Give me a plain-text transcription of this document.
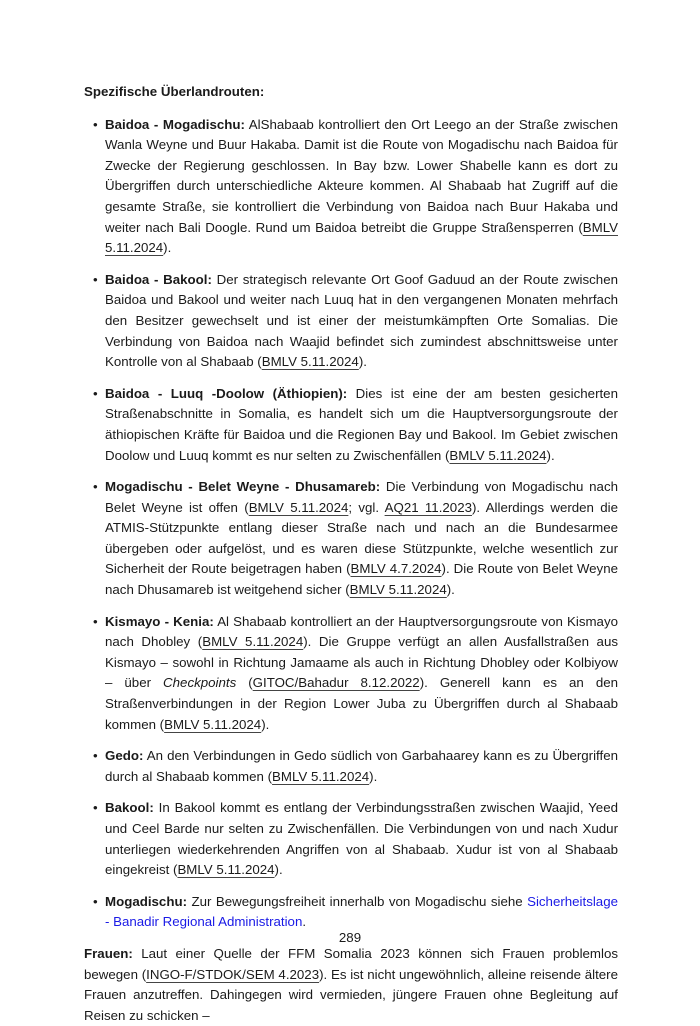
Spezifische Überlandrouten:

• Baidoa - Mogadischu: AlShabaab kontrolliert den Ort Leego an der Straße zwischen Wanla Weyne und Buur Hakaba. Damit ist die Route von Mogadischu nach Baidoa für Zwecke der Regierung geschlossen. In Bay bzw. Lower Shabelle kann es dort zu Übergriffen durch unterschiedliche Akteure kommen. Al Shabaab hat Zugriff auf die gesamte Straße, sie kontrolliert die Verbindung von Baidoa nach Buur Hakaba und weiter nach Bali Doogle. Rund um Baidoa betreibt die Gruppe Straßensperren (BMLV 5.11.2024).
• Baidoa - Bakool: Der strategisch relevante Ort Goof Gaduud an der Route zwischen Baidoa und Bakool und weiter nach Luuq hat in den vergangenen Monaten mehrfach den Besitzer gewechselt und ist einer der meistumkämpften Orte Somalias. Die Verbindung von Baidoa nach Waajid befindet sich zumindest abschnittsweise unter Kontrolle von al Shabaab (BMLV 5.11.2024).
• Baidoa - Luuq -Doolow (Äthiopien): Dies ist eine der am besten gesicherten Straßenabschnitte in Somalia, es handelt sich um die Hauptversorgungsroute der äthiopischen Kräfte für Baidoa und die Regionen Bay und Bakool. Im Gebiet zwischen Doolow und Luuq kommt es nur selten zu Zwischenfällen (BMLV 5.11.2024).
• Mogadischu - Belet Weyne - Dhusamareb: Die Verbindung von Mogadischu nach Belet Weyne ist offen (BMLV 5.11.2024; vgl. AQ21 11.2023). Allerdings werden die ATMIS-Stützpunkte entlang dieser Straße nach und nach an die Bundesarmee übergeben oder aufgelöst, und es waren diese Stützpunkte, welche wesentlich zur Sicherheit der Route beigetragen haben (BMLV 4.7.2024). Die Route von Belet Weyne nach Dhusamareb ist weitgehend sicher (BMLV 5.11.2024).
• Kismayo - Kenia: Al Shabaab kontrolliert an der Hauptversorgungsroute von Kismayo nach Dhobley (BMLV 5.11.2024). Die Gruppe verfügt an allen Ausfallstraßen aus Kismayo – sowohl in Richtung Jamaame als auch in Richtung Dhobley oder Kolbiyow – über Checkpoints (GITOC/Bahadur 8.12.2022). Generell kann es an den Straßenverbindungen in der Region Lower Juba zu Übergriffen durch al Shabaab kommen (BMLV 5.11.2024).
• Gedo: An den Verbindungen in Gedo südlich von Garbahaarey kann es zu Übergriffen durch al Shabaab kommen (BMLV 5.11.2024).
• Bakool: In Bakool kommt es entlang der Verbindungsstraßen zwischen Waajid, Yeed und Ceel Barde nur selten zu Zwischenfällen. Die Verbindungen von und nach Xudur unterliegen wiederkehrenden Angriffen von al Shabaab. Xudur ist von al Shabaab eingekreist (BMLV 5.11.2024).
• Mogadischu: Zur Bewegungsfreiheit innerhalb von Mogadischu siehe Sicherheitslage - Banadir Regional Administration.

Frauen: Laut einer Quelle der FFM Somalia 2023 können sich Frauen problemlos bewegen (INGO-F/STDOK/SEM 4.2023). Es ist nicht ungewöhnlich, alleine reisende ältere Frauen anzutreffen. Dahingegen wird vermieden, jüngere Frauen ohne Begleitung auf Reisen zu schicken –

289
